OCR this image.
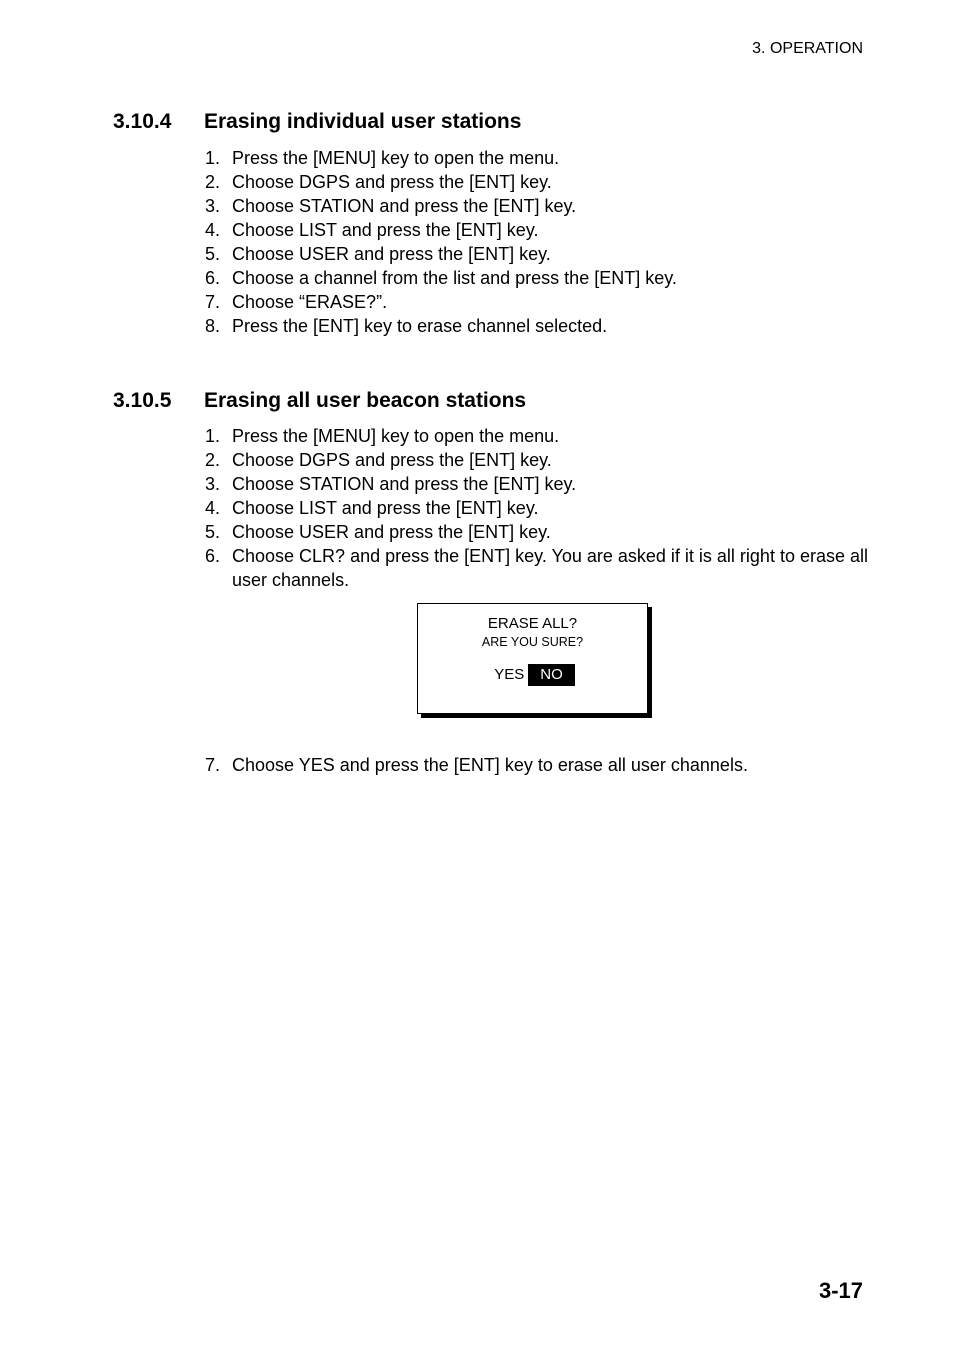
3. OPERATION
3.10.4	Erasing individual user stations
1. Press the [MENU] key to open the menu.
2. Choose DGPS and press the [ENT] key.
3. Choose STATION and press the [ENT] key.
4. Choose LIST and press the [ENT] key.
5. Choose USER and press the [ENT] key.
6. Choose a channel from the list and press the [ENT] key.
7. Choose “ERASE?”.
8. Press the [ENT] key to erase channel selected.
3.10.5	Erasing all user beacon stations
1. Press the [MENU] key to open the menu.
2. Choose DGPS and press the [ENT] key.
3. Choose STATION and press the [ENT] key.
4. Choose LIST and press the [ENT] key.
5. Choose USER and press the [ENT] key.
6. Choose CLR? and press the [ENT] key. You are asked if it is all right to erase all user channels.
ERASE ALL?
ARE YOU SURE?
YES	NO
7. Choose YES and press the [ENT] key to erase all user channels.
3-17
